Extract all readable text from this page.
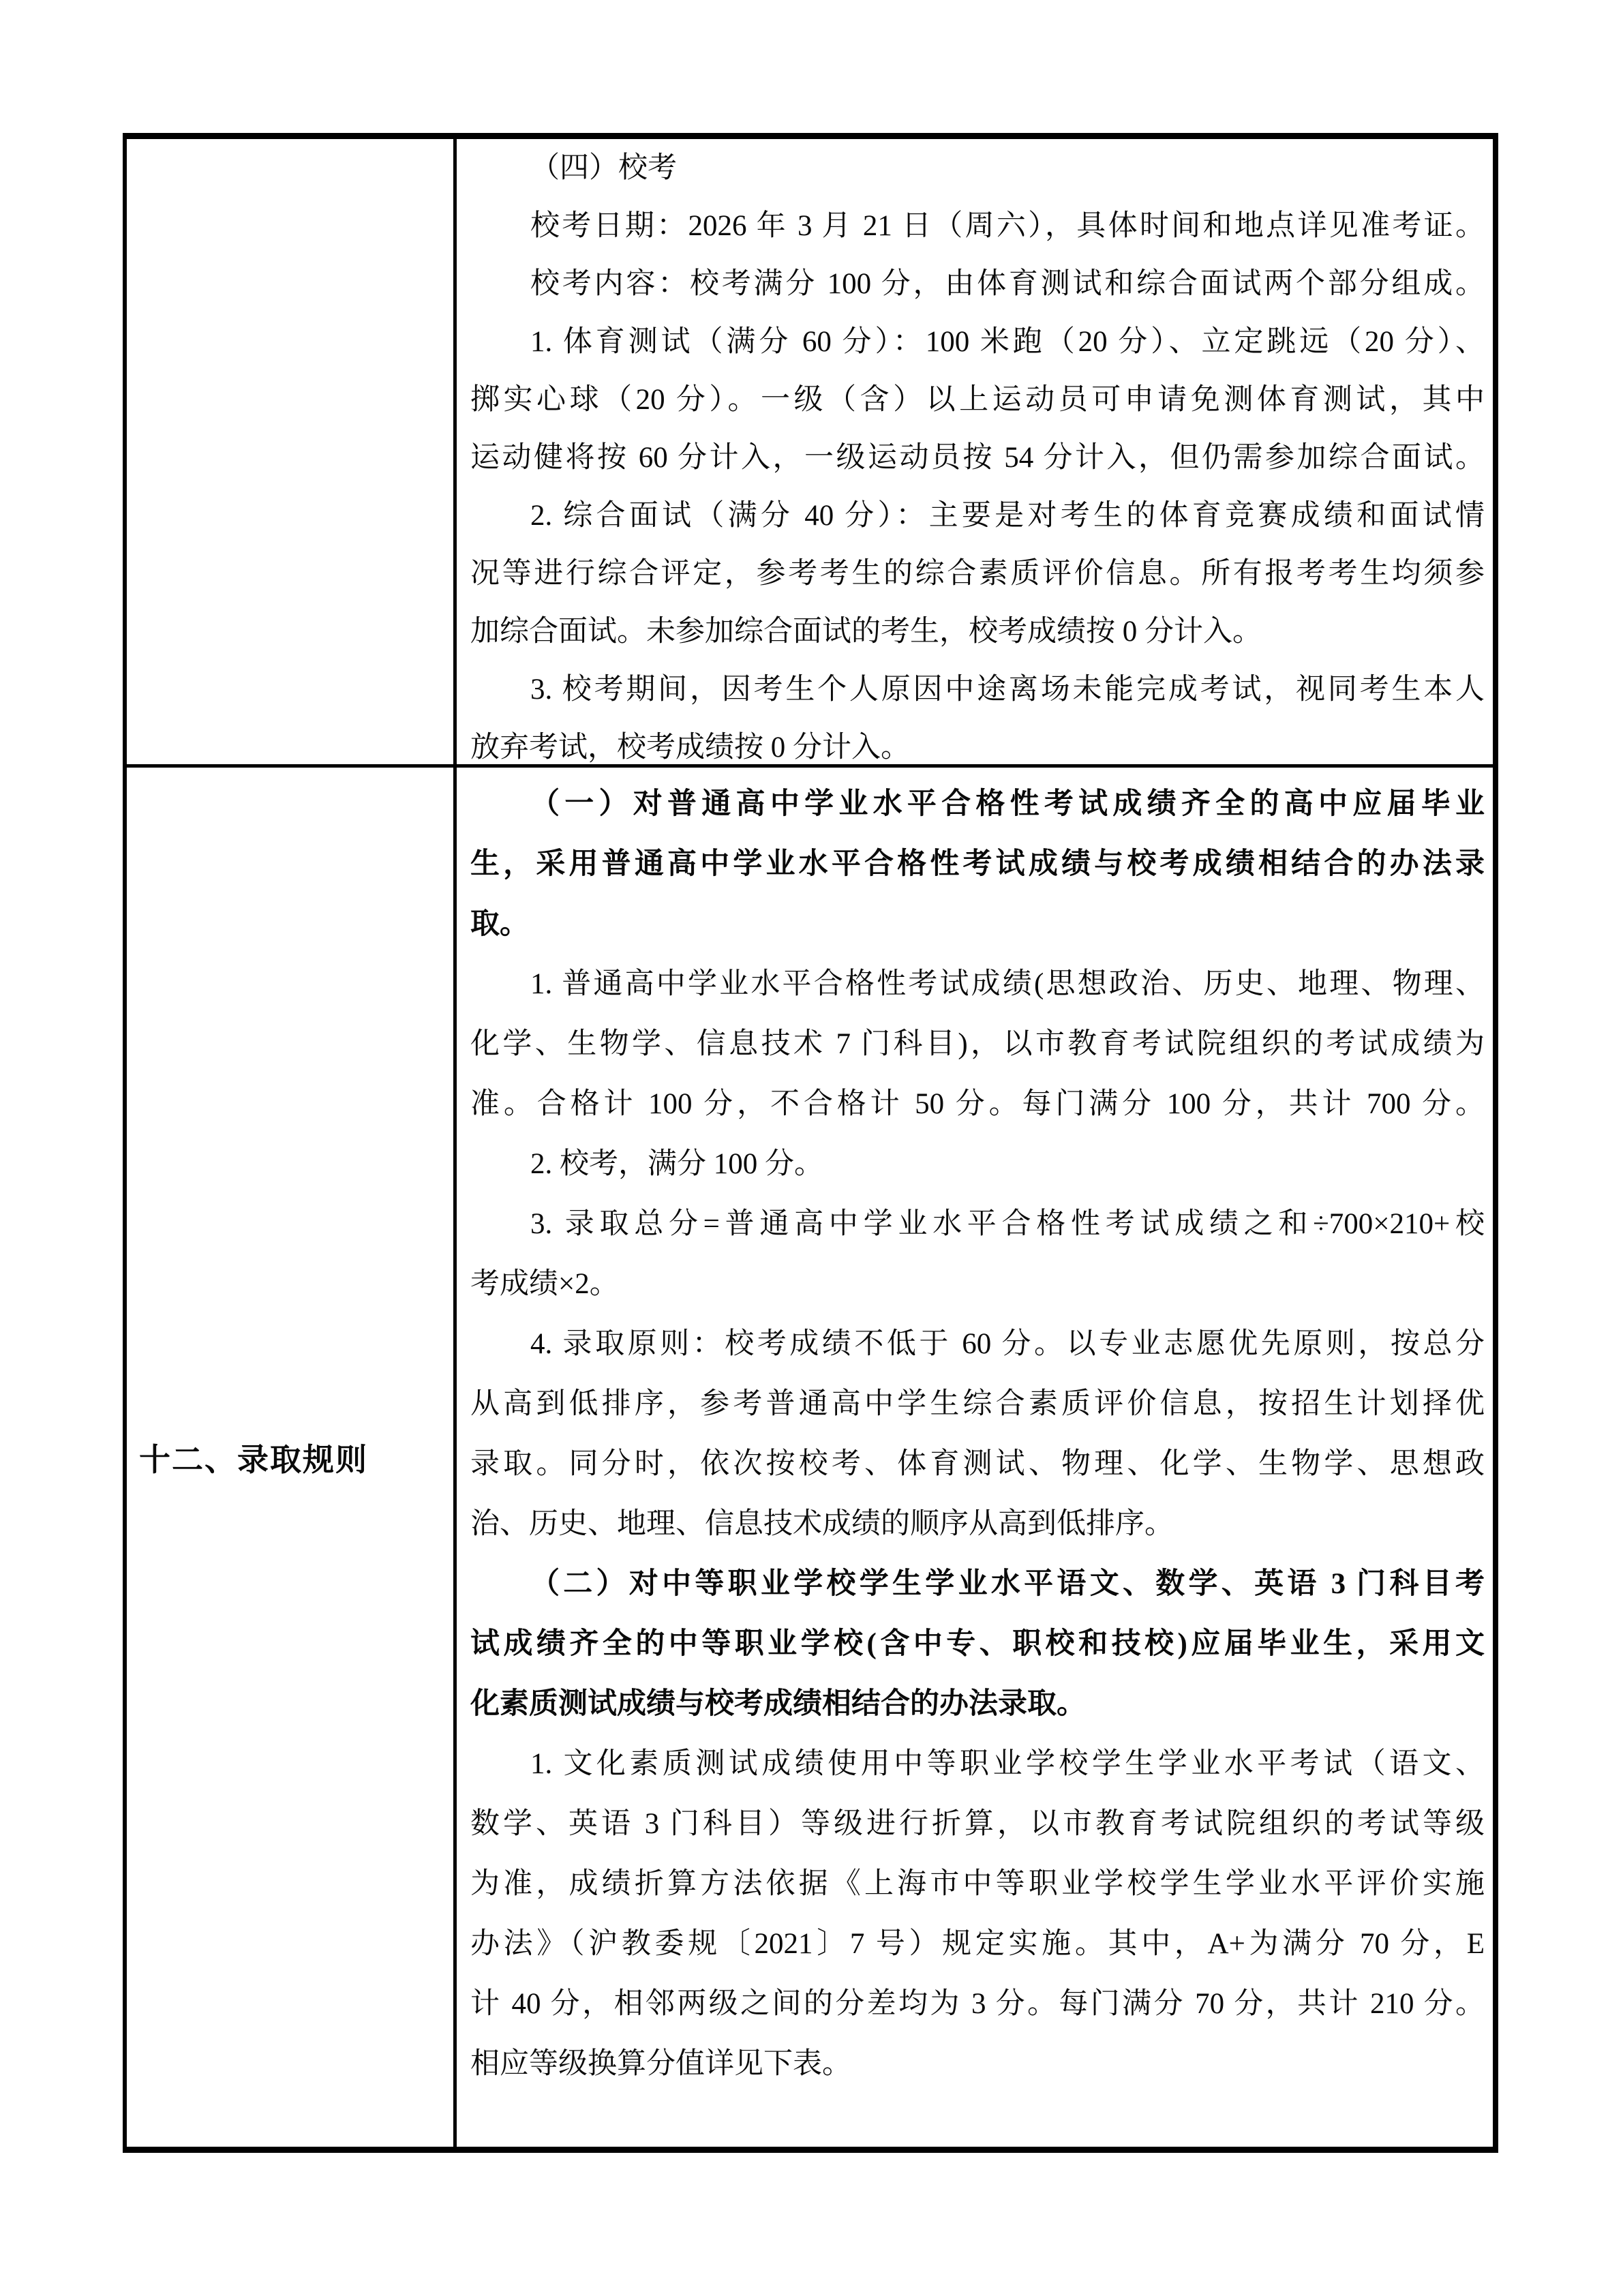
（四）校考

校考日期：2026 年 3 月 21 日（周六），具体时间和地点详见准考证。

校考内容：校考满分 100 分，由体育测试和综合面试两个部分组成。

1. 体育测试（满分 60 分）：100 米跑（20 分）、立定跳远（20 分）、

掷实心球（20 分）。一级（含）以上运动员可申请免测体育测试，其中

运动健将按 60 分计入，一级运动员按 54 分计入，但仍需参加综合面试。

2. 综合面试（满分 40 分）：主要是对考生的体育竞赛成绩和面试情

况等进行综合评定，参考考生的综合素质评价信息。所有报考考生均须参

加综合面试。未参加综合面试的考生，校考成绩按 0 分计入。

3. 校考期间，因考生个人原因中途离场未能完成考试，视同考生本人

放弃考试，校考成绩按 0 分计入。

十二、录取规则

（一）对普通高中学业水平合格性考试成绩齐全的高中应届毕业

生，采用普通高中学业水平合格性考试成绩与校考成绩相结合的办法录

取。

1. 普通高中学业水平合格性考试成绩(思想政治、历史、地理、物理、

化学、生物学、信息技术 7 门科目)，以市教育考试院组织的考试成绩为

准。合格计 100 分，不合格计 50 分。每门满分 100 分，共计 700 分。

2. 校考，满分 100 分。

3. 录取总分=普通高中学业水平合格性考试成绩之和÷700×210+校

考成绩×2。

4. 录取原则：校考成绩不低于 60 分。以专业志愿优先原则，按总分

从高到低排序，参考普通高中学生综合素质评价信息，按招生计划择优

录取。同分时，依次按校考、体育测试、物理、化学、生物学、思想政

治、历史、地理、信息技术成绩的顺序从高到低排序。

（二）对中等职业学校学生学业水平语文、数学、英语 3 门科目考

试成绩齐全的中等职业学校(含中专、职校和技校)应届毕业生，采用文

化素质测试成绩与校考成绩相结合的办法录取。

1. 文化素质测试成绩使用中等职业学校学生学业水平考试（语文、

数学、英语 3 门科目）等级进行折算，以市教育考试院组织的考试等级

为准，成绩折算方法依据《上海市中等职业学校学生学业水平评价实施

办法》（沪教委规〔2021〕7 号）规定实施。其中，A+为满分 70 分，E

计 40 分，相邻两级之间的分差均为 3 分。每门满分 70 分，共计 210 分。

相应等级换算分值详见下表。
